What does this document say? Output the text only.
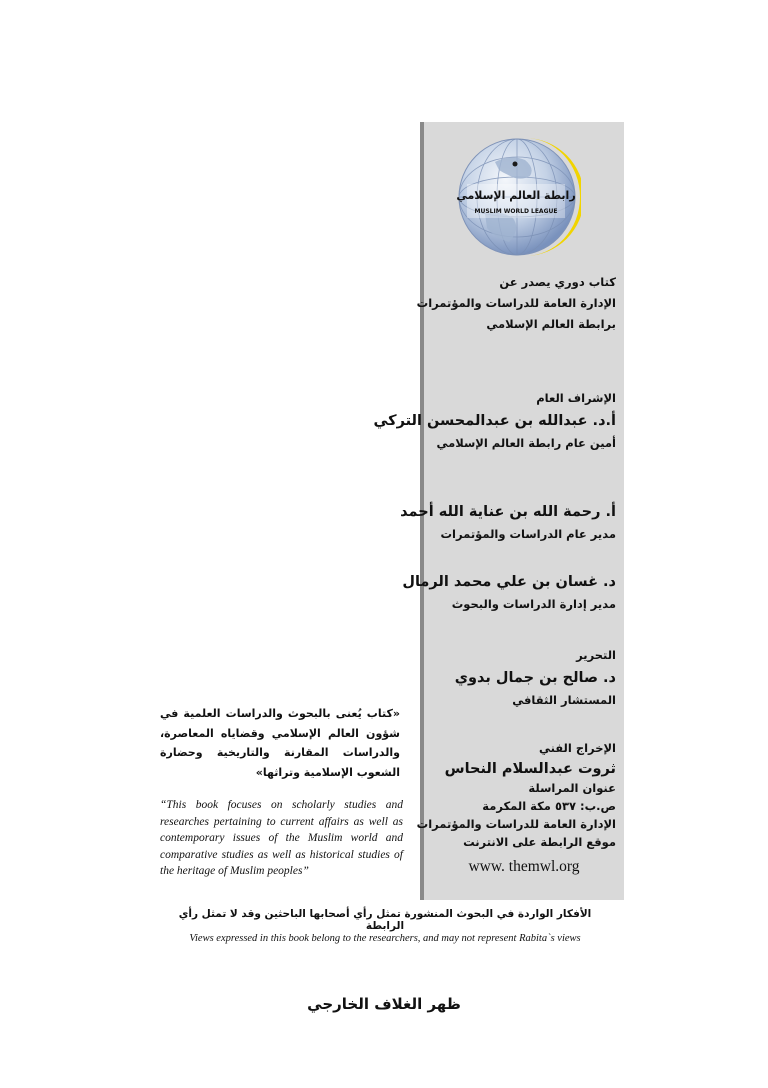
رابطة العالم الإسلامي
MUSLIM WORLD LEAGUE
كتاب دوري يصدر عن
الإدارة العامة للدراسات والمؤتمرات
برابطة العالم الإسلامي
الإشراف العام
أ.د. عبدالله بن عبدالمحسن التركي
أمين عام رابطة العالم الإسلامي
أ. رحمة الله بن عناية الله أحمد
مدير عام الدراسات والمؤتمرات
د. غسان بن علي محمد الرمال
مدير إدارة الدراسات والبحوث
التحرير
د. صالح بن جمال بدوي
المستشار الثقافي
الإخراج الفني
ثروت عبدالسلام النحاس
عنوان المراسلة
ص.ب: ٥٣٧ مكة المكرمة
الإدارة العامة للدراسات والمؤتمرات
موقع الرابطة على الانترنت
www. themwl.org
«كتاب يُعنى بالبحوث والدراسات العلمية في شؤون العالم الإسلامي وقضاياه المعاصرة، والدراسات المقارنة والتاريخية وحضارة الشعوب الإسلامية وتراثها»
“This book focuses on scholarly studies and researches pertaining to current affairs as well as contemporary issues of the Muslim world and comparative studies as well as historical studies of the heritage of Muslim peoples”
الأفكار الواردة في البحوث المنشورة تمثل رأي أصحابها الباحثين وقد لا تمثل رأي الرابطة
Views expressed in this book belong to the researchers, and may not represent Rabita`s views
ظهر الغلاف الخارجي
